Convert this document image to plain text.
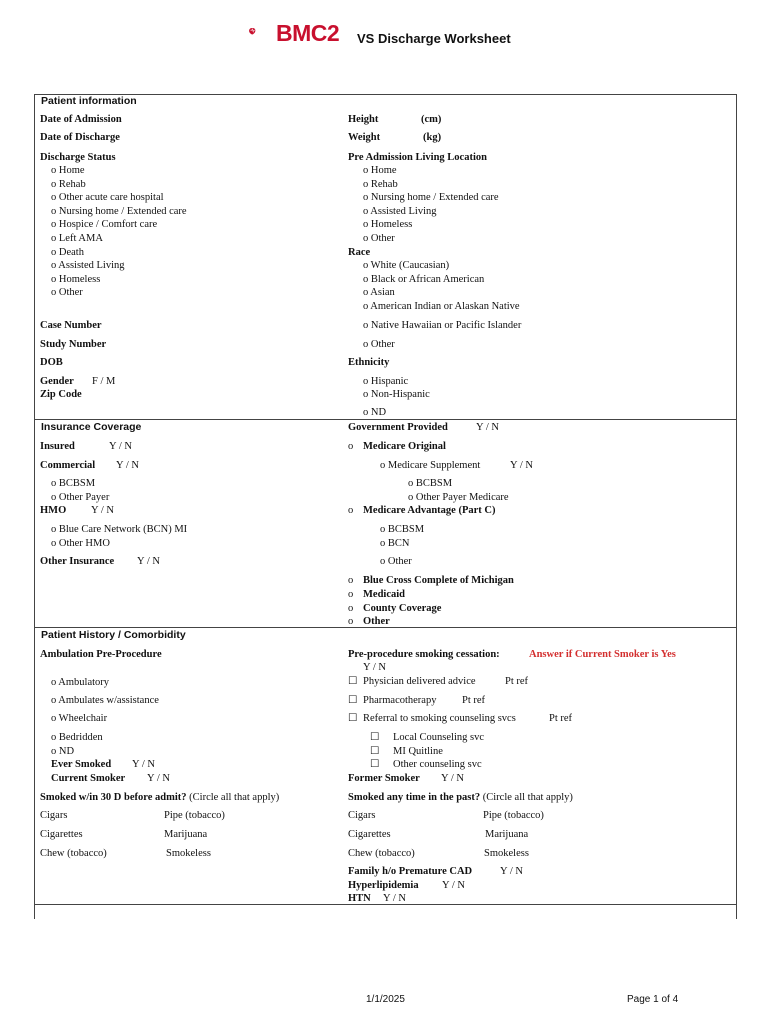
BMC2 VS Discharge Worksheet
Patient information
Date of Admission
Date of Discharge
Height	(cm)
Weight	(kg)
Discharge Status
o Home
o Rehab
o Other acute care hospital
o Nursing home / Extended care
o Hospice / Comfort care
o Left AMA
o Death
o Assisted Living
o Homeless
o Other
Pre Admission Living Location
o Home
o Rehab
o Nursing home / Extended care
o Assisted Living
o Homeless
o Other
Race
o White (Caucasian)
o Black or African American
o Asian
o American Indian or Alaskan Native
o Native Hawaiian or Pacific Islander
o Other
Case Number
Study Number
DOB
Gender F / M
Zip Code
Ethnicity
o Hispanic
o Non-Hispanic
o ND
Insurance Coverage
Insured	Y / N
Commercial Y / N
o BCBSM
o Other Payer
HMO Y / N
o Blue Care Network (BCN) MI
o Other HMO
Other Insurance Y / N
Government Provided	Y / N
o Medicare Original
o Medicare Supplement	Y / N
o BCBSM
o Other Payer Medicare
o Medicare Advantage (Part C)
o BCBSM
o BCN
o Other
o Blue Cross Complete of Michigan
o Medicaid
o County Coverage
o Other
Patient History / Comorbidity
Ambulation Pre-Procedure
o Ambulatory
o Ambulates w/assistance
o Wheelchair
o Bedridden
o ND
Ever Smoked Y / N
Current Smoker Y / N
Pre-procedure smoking cessation:	Answer if Current Smoker is Yes
Y / N
☐ Physician delivered advice	Pt ref
☐ Pharmacotherapy Pt ref
☐ Referral to smoking counseling svcs	Pt ref
☐ Local Counseling svc
☐ MI Quitline
☐ Other counseling svc
Former Smoker Y / N
Smoked w/in 30 D before admit? (Circle all that apply)
Cigars	Pipe (tobacco)
Cigarettes	Marijuana
Chew (tobacco)	Smokeless
Smoked any time in the past? (Circle all that apply)
Cigars	Pipe (tobacco)
Cigarettes	Marijuana
Chew (tobacco)	Smokeless
Family h/o Premature CAD	Y / N
Hyperlipidemia Y / N
HTN Y / N
1/1/2025	Page 1 of 4
